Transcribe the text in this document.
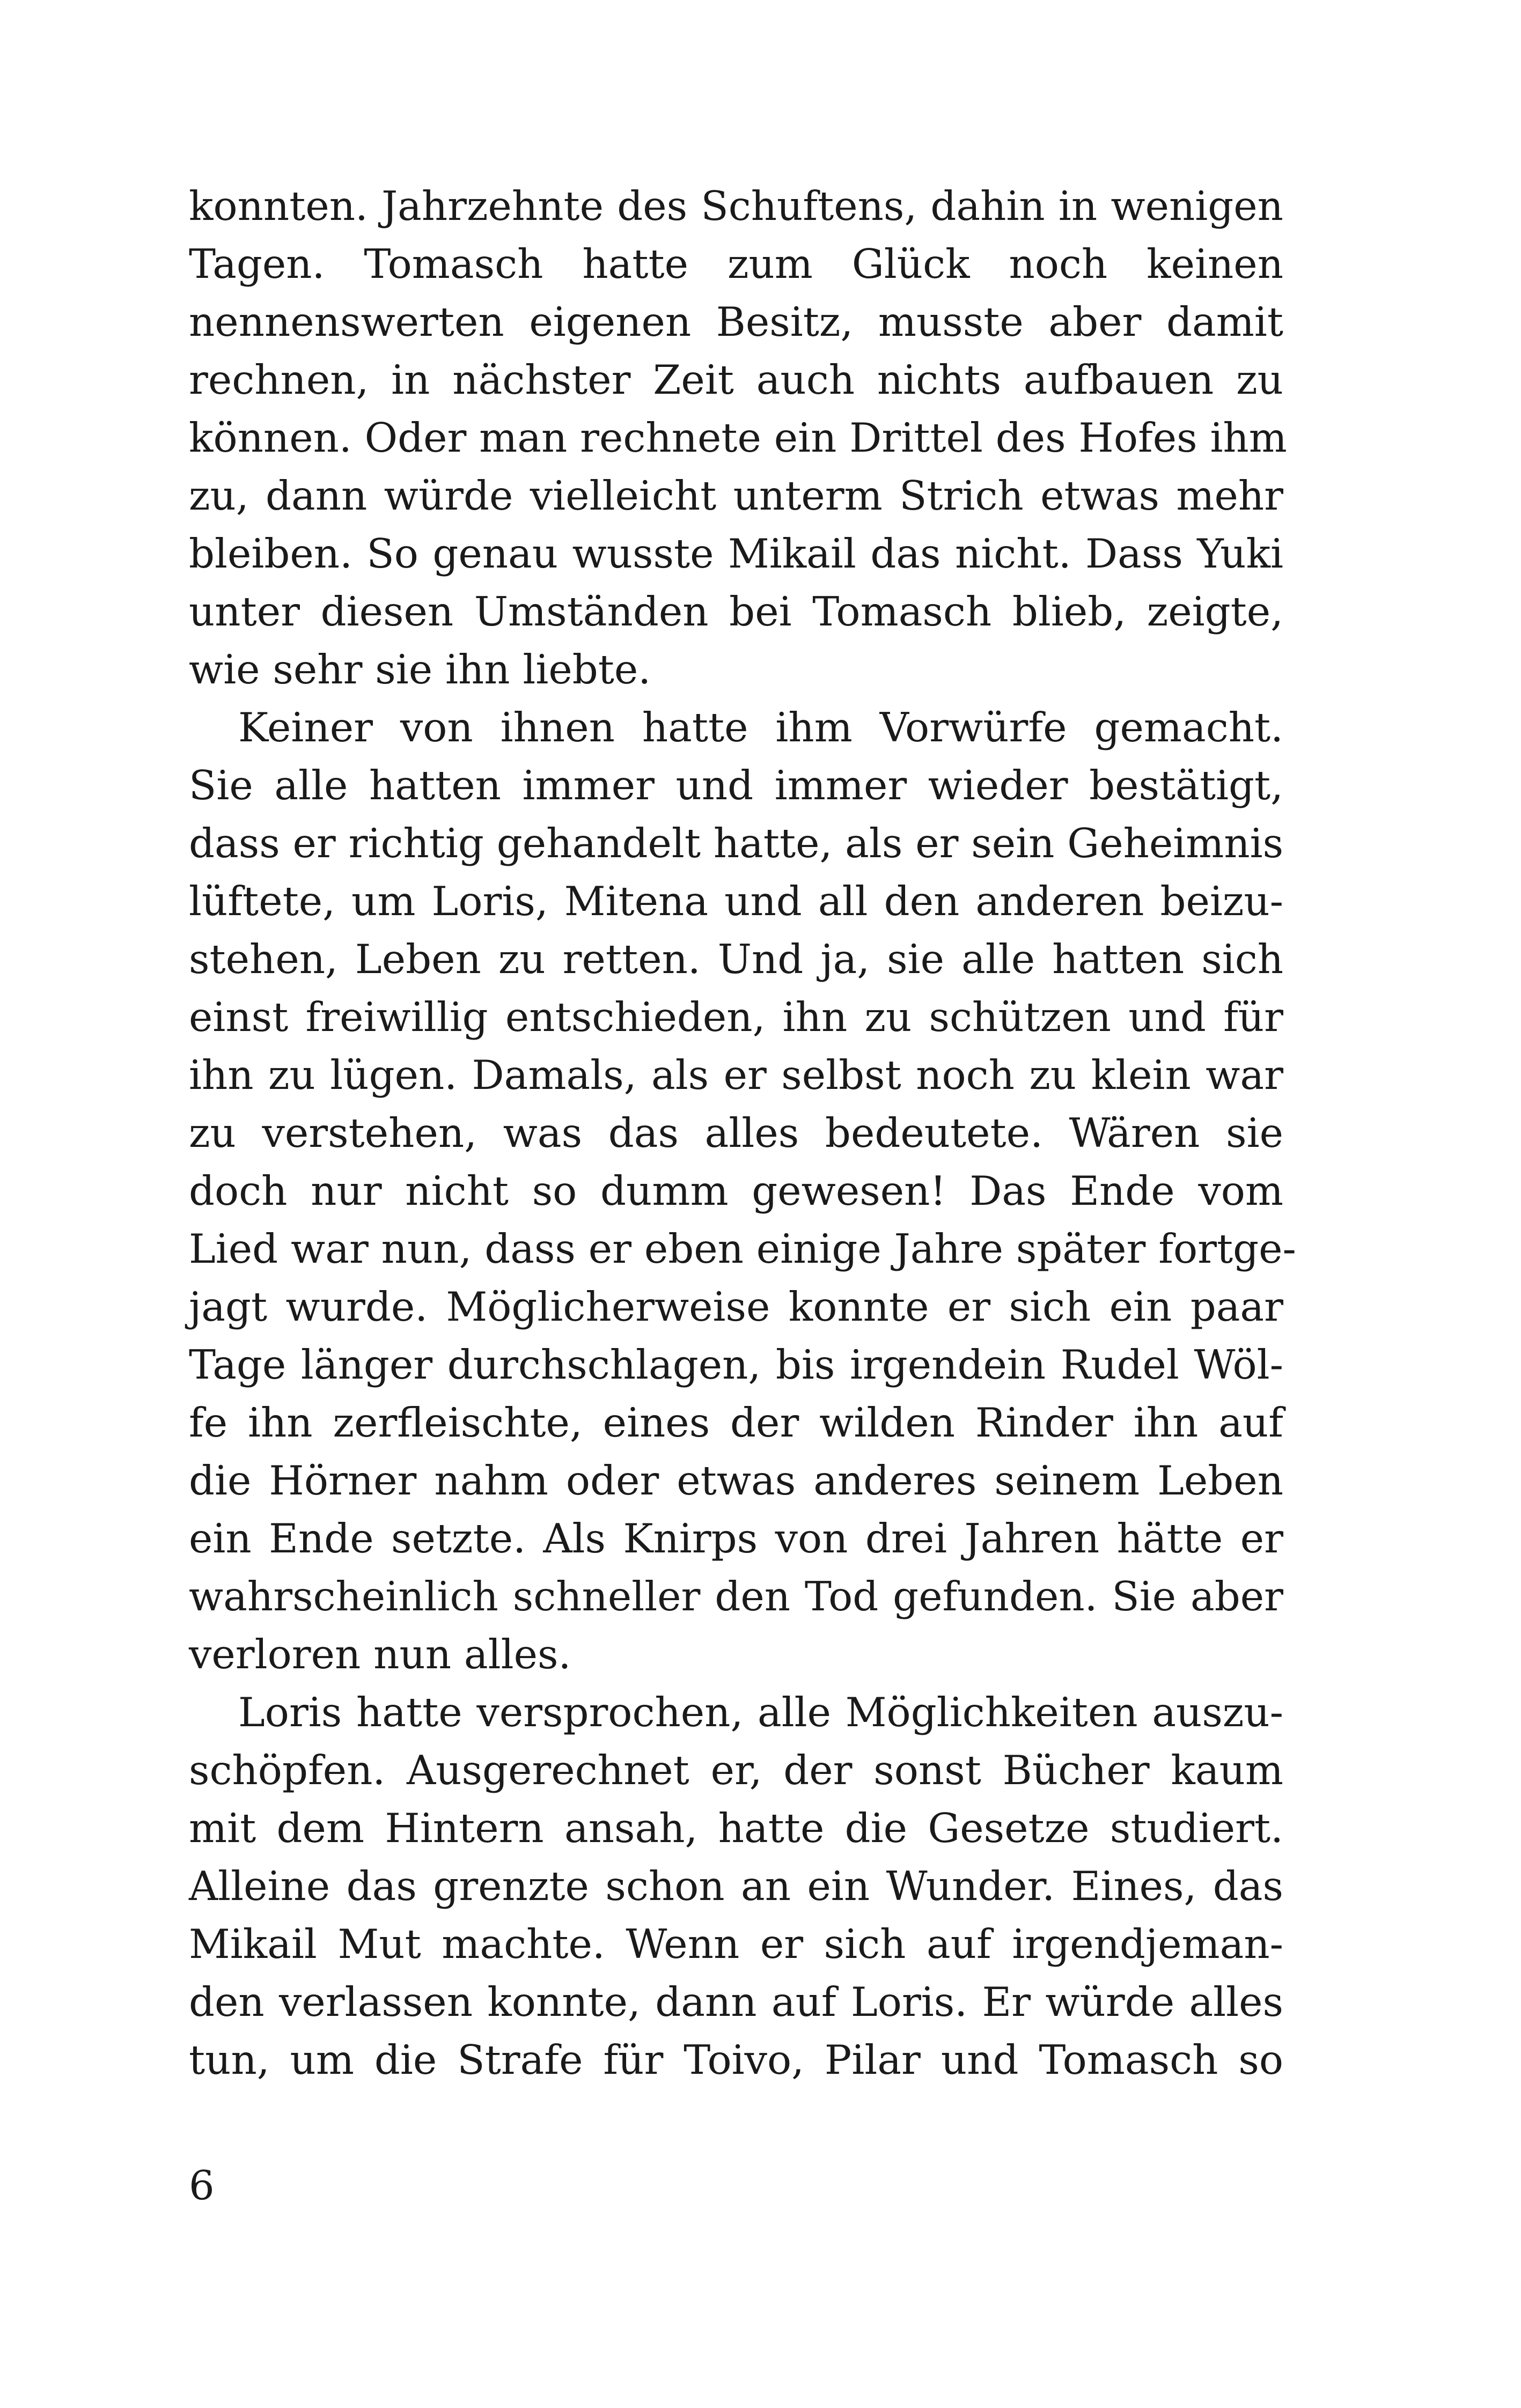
konnten. Jahrzehnte des Schuftens, dahin in wenigen
Tagen. Tomasch hatte zum Glück noch keinen
nennenswerten eigenen Besitz, musste aber damit
rechnen, in nächster Zeit auch nichts aufbauen zu
können. Oder man rechnete ein Drittel des Hofes ihm
zu, dann würde vielleicht unterm Strich etwas mehr
bleiben. So genau wusste Mikail das nicht. Dass Yuki
unter diesen Umständen bei Tomasch blieb, zeigte,
wie sehr sie ihn liebte.
Keiner von ihnen hatte ihm Vorwürfe gemacht.
Sie alle hatten immer und immer wieder bestätigt,
dass er richtig gehandelt hatte, als er sein Geheimnis
lüftete, um Loris, Mitena und all den anderen beizu-
stehen, Leben zu retten. Und ja, sie alle hatten sich
einst freiwillig entschieden, ihn zu schützen und für
ihn zu lügen. Damals, als er selbst noch zu klein war
zu verstehen, was das alles bedeutete. Wären sie
doch nur nicht so dumm gewesen! Das Ende vom
Lied war nun, dass er eben einige Jahre später fortge-
jagt wurde. Möglicherweise konnte er sich ein paar
Tage länger durchschlagen, bis irgendein Rudel Wöl-
fe ihn zerfleischte, eines der wilden Rinder ihn auf
die Hörner nahm oder etwas anderes seinem Leben
ein Ende setzte. Als Knirps von drei Jahren hätte er
wahrscheinlich schneller den Tod gefunden. Sie aber
verloren nun alles.
Loris hatte versprochen, alle Möglichkeiten auszu-
schöpfen. Ausgerechnet er, der sonst Bücher kaum
mit dem Hintern ansah, hatte die Gesetze studiert.
Alleine das grenzte schon an ein Wunder. Eines, das
Mikail Mut machte. Wenn er sich auf irgendjeman-
den verlassen konnte, dann auf Loris. Er würde alles
tun, um die Strafe für Toivo, Pilar und Tomasch so
6
